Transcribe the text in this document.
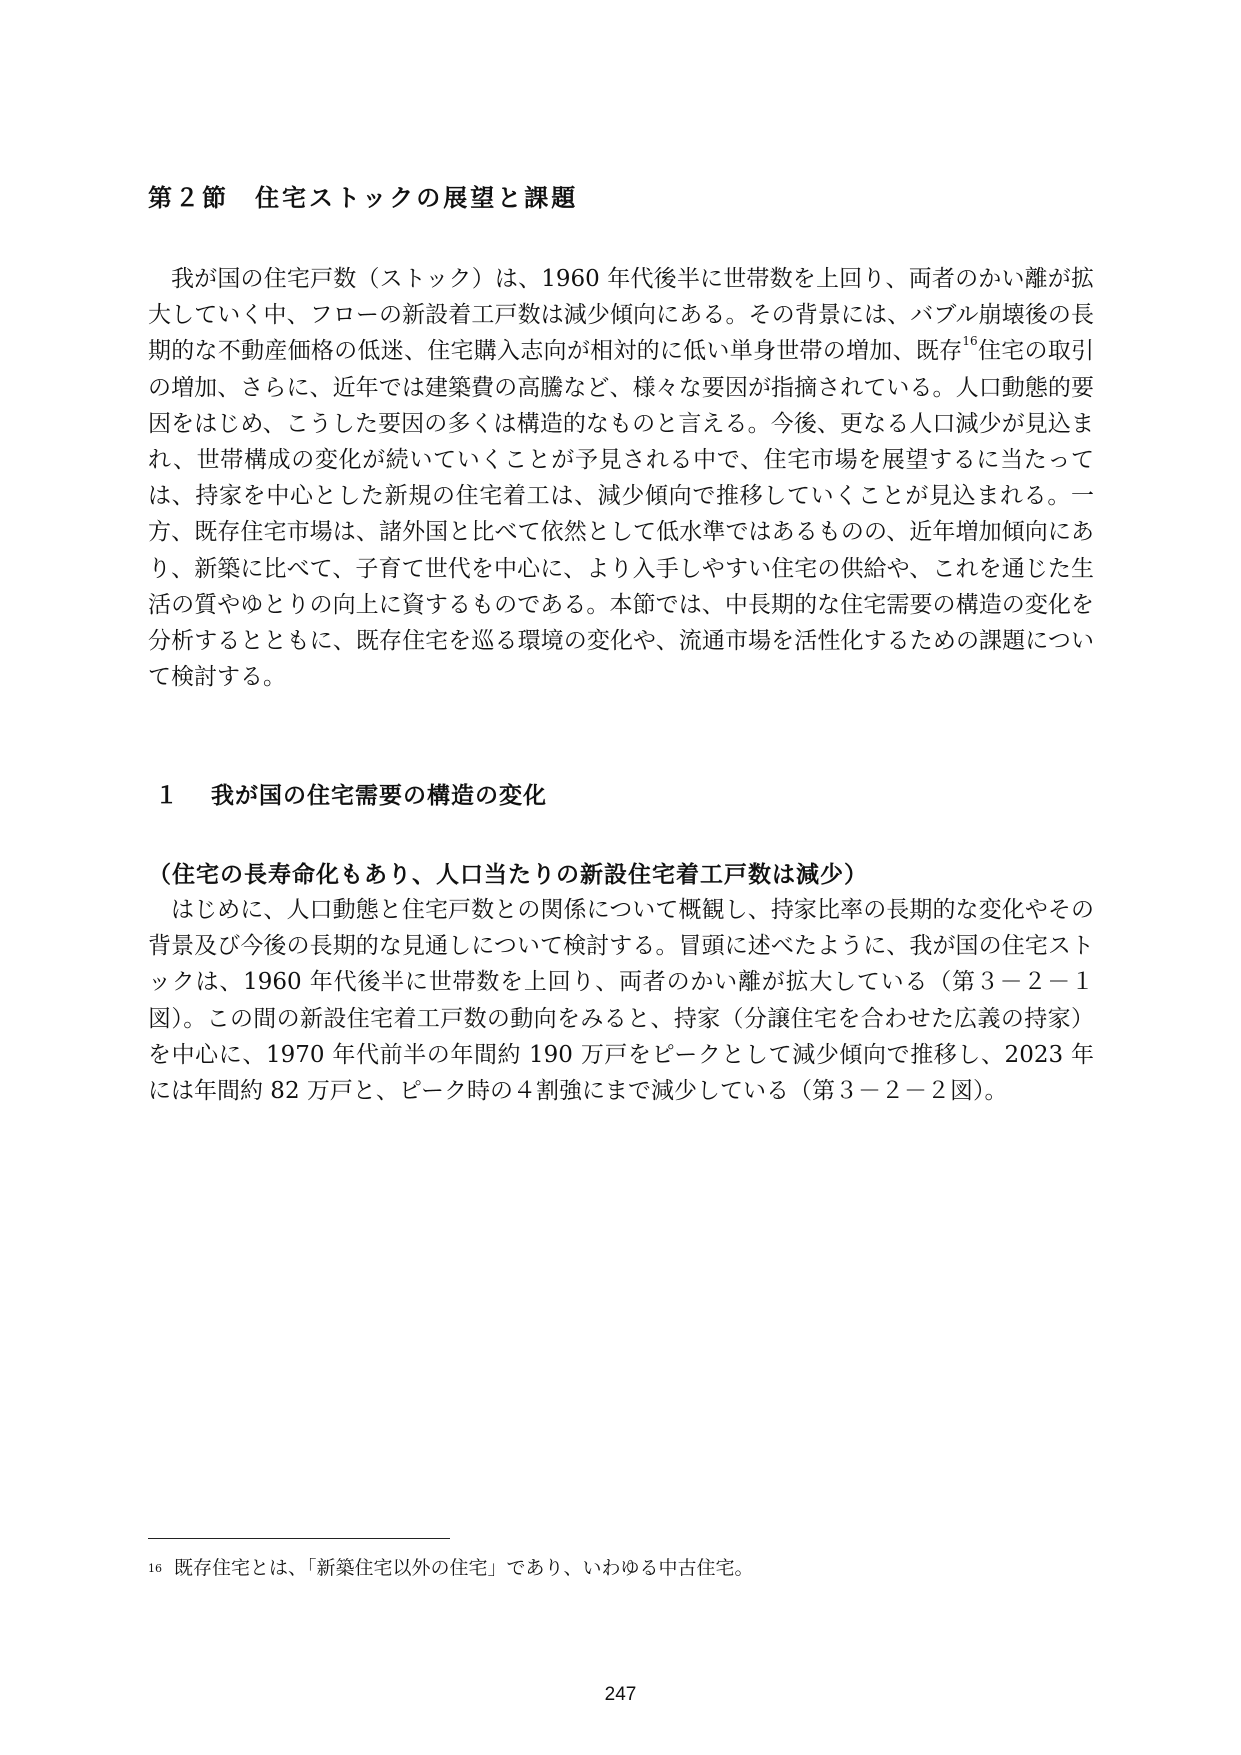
第２節 住宅ストックの展望と課題

我が国の住宅戸数（ストック）は、1960 年代後半に世帯数を上回り、両者のかい離が拡大していく中、フローの新設着工戸数は減少傾向にある。その背景には、バブル崩壊後の長期的な不動産価格の低迷、住宅購入志向が相対的に低い単身世帯の増加、既存$^{16}$住宅の取引の増加、さらに、近年では建築費の高騰など、様々な要因が指摘されている。人口動態的要因をはじめ、こうした要因の多くは構造的なものと言える。今後、更なる人口減少が見込まれ、世帯構成の変化が続いていくことが予見される中で、住宅市場を展望するに当たっては、持家を中心とした新規の住宅着工は、減少傾向で推移していくことが見込まれる。一方、既存住宅市場は、諸外国と比べて依然として低水準ではあるものの、近年増加傾向にあり、新築に比べて、子育て世代を中心に、より入手しやすい住宅の供給や、これを通じた生活の質やゆとりの向上に資するものである。本節では、中長期的な住宅需要の構造の変化を分析するとともに、既存住宅を巡る環境の変化や、流通市場を活性化するための課題について検討する。

１ 我が国の住宅需要の構造の変化
（住宅の長寿命化もあり、人口当たりの新設住宅着工戸数は減少）

はじめに、人口動態と住宅戸数との関係について概観し、持家比率の長期的な変化やその背景及び今後の長期的な見通しについて検討する。冒頭に述べたように、我が国の住宅ストックは、1960 年代後半に世帯数を上回り、両者のかい離が拡大している（第３－２－１図）。この間の新設住宅着工戸数の動向をみると、持家（分譲住宅を合わせた広義の持家）を中心に、1970 年代前半の年間約 190 万戸をピークとして減少傾向で推移し、2023 年には年間約 82 万戸と、ピーク時の４割強にまで減少している（第３－２－２図）。

$^{16}$ 既存住宅とは、「新築住宅以外の住宅」であり、いわゆる中古住宅。
247
